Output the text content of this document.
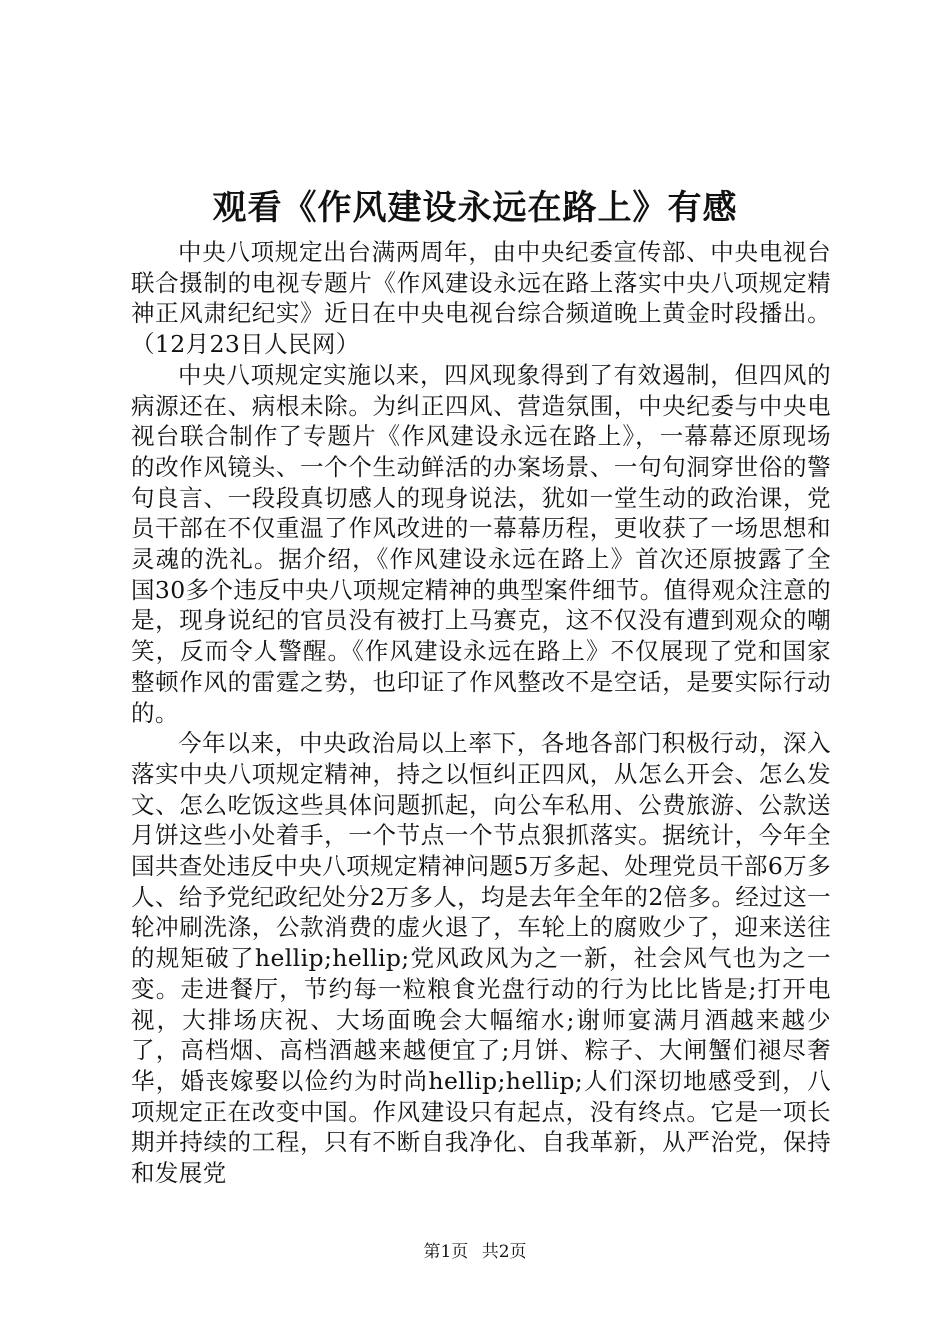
观看《作风建设永远在路上》有感

中央八项规定出台满两周年，由中央纪委宣传部、中央电视台联合摄制的电视专题片《作风建设永远在路上落实中央八项规定精神正风肃纪纪实》近日在中央电视台综合频道晚上黄金时段播出。（12月23日人民网）

中央八项规定实施以来，四风现象得到了有效遏制，但四风的病源还在、病根未除。为纠正四风、营造氛围，中央纪委与中央电视台联合制作了专题片《作风建设永远在路上》，一幕幕还原现场的改作风镜头、一个个生动鲜活的办案场景、一句句洞穿世俗的警句良言、一段段真切感人的现身说法，犹如一堂生动的政治课，党员干部在不仅重温了作风改进的一幕幕历程，更收获了一场思想和灵魂的洗礼。据介绍，《作风建设永远在路上》首次还原披露了全国30多个违反中央八项规定精神的典型案件细节。值得观众注意的是，现身说纪的官员没有被打上马赛克，这不仅没有遭到观众的嘲笑，反而令人警醒。《作风建设永远在路上》不仅展现了党和国家整顿作风的雷霆之势，也印证了作风整改不是空话，是要实际行动的。

今年以来，中央政治局以上率下，各地各部门积极行动，深入落实中央八项规定精神，持之以恒纠正四风，从怎么开会、怎么发文、怎么吃饭这些具体问题抓起，向公车私用、公费旅游、公款送月饼这些小处着手，一个节点一个节点狠抓落实。据统计，今年全国共查处违反中央八项规定精神问题5万多起、处理党员干部6万多人、给予党纪政纪处分2万多人，均是去年全年的2倍多。经过这一轮冲刷洗涤，公款消费的虚火退了，车轮上的腐败少了，迎来送往的规矩破了hellip;hellip;党风政风为之一新，社会风气也为之一变。走进餐厅，节约每一粒粮食光盘行动的行为比比皆是;打开电视，大排场庆祝、大场面晚会大幅缩水;谢师宴满月酒越来越少了，高档烟、高档酒越来越便宜了;月饼、粽子、大闸蟹们褪尽奢华，婚丧嫁娶以俭约为时尚hellip;hellip;人们深切地感受到，八项规定正在改变中国。作风建设只有起点，没有终点。它是一项长期并持续的工程，只有不断自我净化、自我革新，从严治党，保持和发展党

第1页 共2页
